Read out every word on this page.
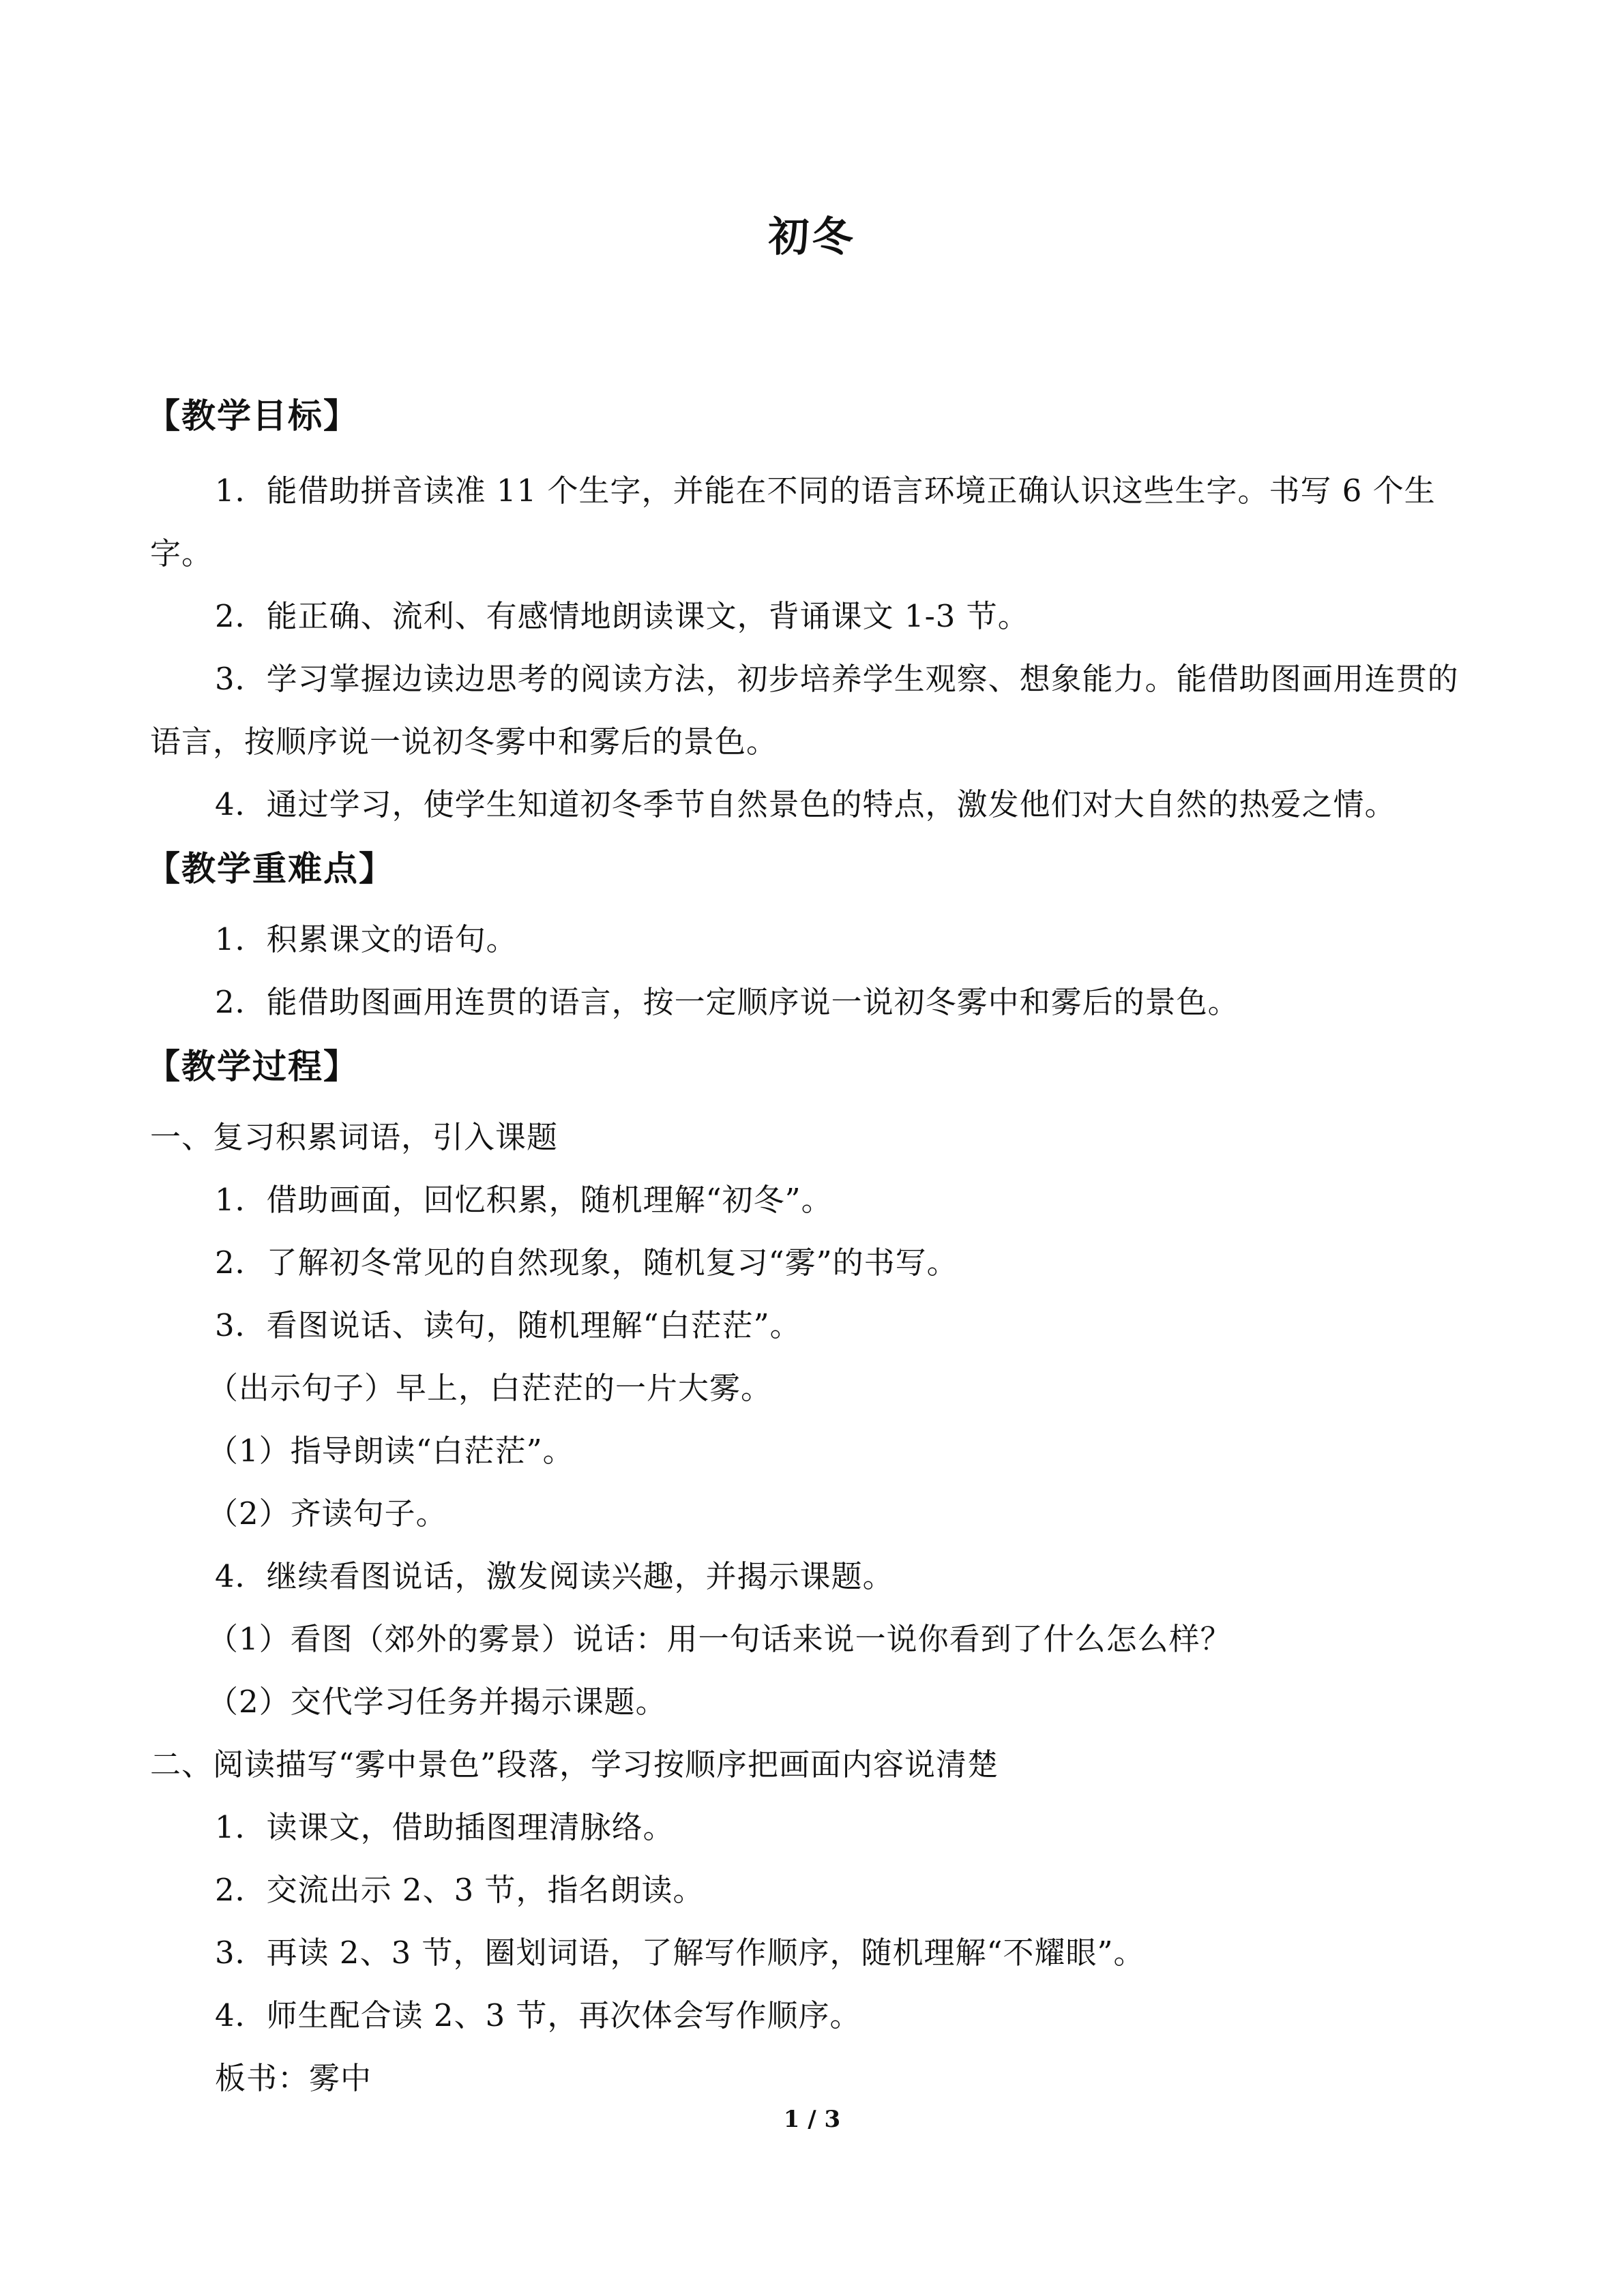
初冬
【教学目标】

1．能借助拼音读准 11 个生字，并能在不同的语言环境正确认识这些生字。书写 6 个生字。

2．能正确、流利、有感情地朗读课文，背诵课文 1-3 节。

3．学习掌握边读边思考的阅读方法，初步培养学生观察、想象能力。能借助图画用连贯的语言，按顺序说一说初冬雾中和雾后的景色。

4．通过学习，使学生知道初冬季节自然景色的特点，激发他们对大自然的热爱之情。

【教学重难点】

1．积累课文的语句。

2．能借助图画用连贯的语言，按一定顺序说一说初冬雾中和雾后的景色。

【教学过程】

一、复习积累词语，引入课题

1．借助画面，回忆积累，随机理解“初冬”。

2．了解初冬常见的自然现象，随机复习“雾”的书写。

3．看图说话、读句，随机理解“白茫茫”。

（出示句子）早上，白茫茫的一片大雾。

（1）指导朗读“白茫茫”。

（2）齐读句子。

4．继续看图说话，激发阅读兴趣，并揭示课题。

（1）看图（郊外的雾景）说话：用一句话来说一说你看到了什么怎么样？

（2）交代学习任务并揭示课题。

二、阅读描写“雾中景色”段落，学习按顺序把画面内容说清楚

1．读课文，借助插图理清脉络。

2．交流出示 2、3 节，指名朗读。

3．再读 2、3 节，圈划词语，了解写作顺序，随机理解“不耀眼”。

4．师生配合读 2、3 节，再次体会写作顺序。

板书：雾中

1 / 3
